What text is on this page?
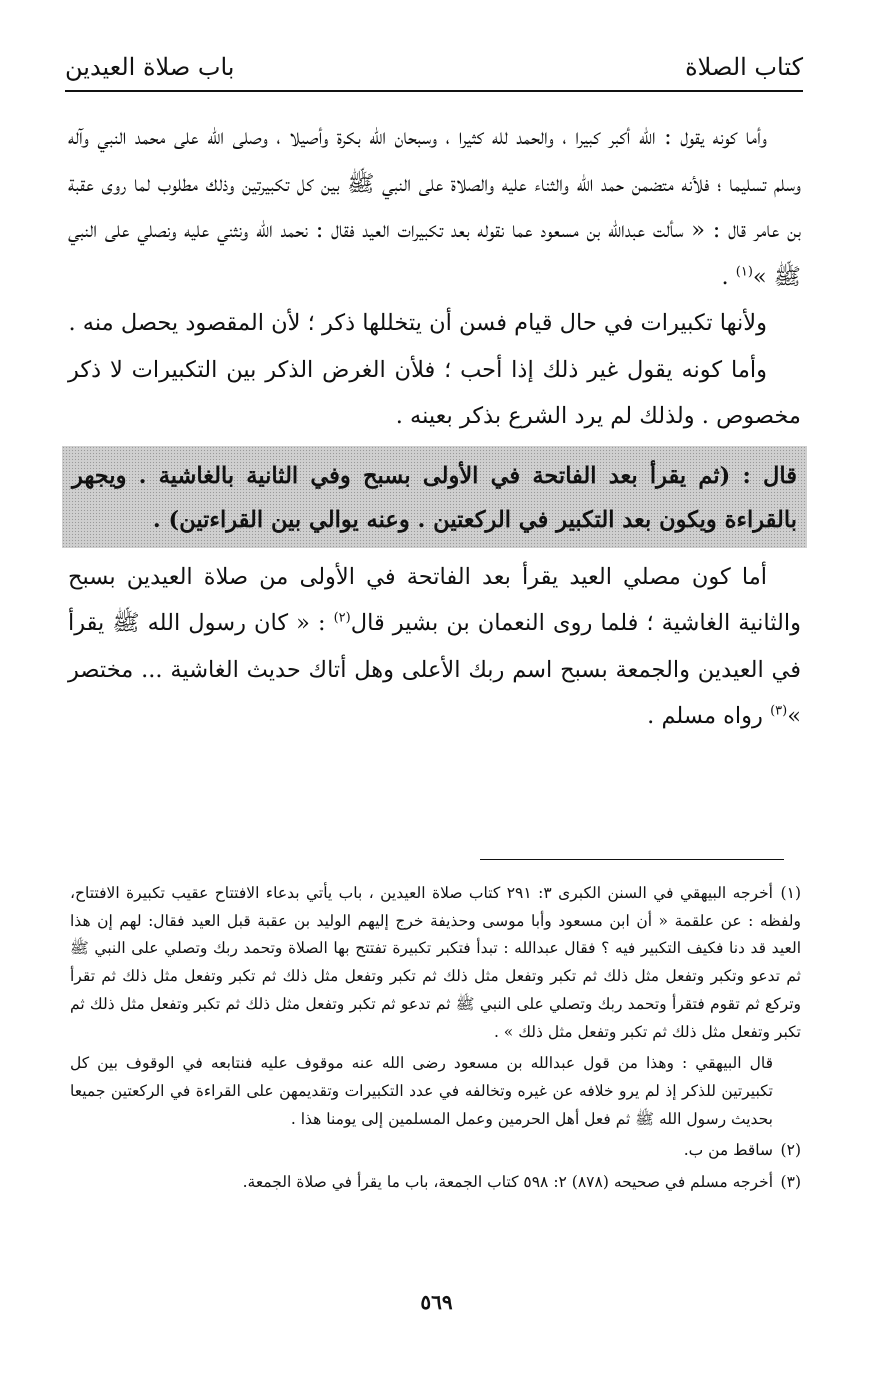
كتاب الصلاة
باب صلاة العيدين

وأما كونه يقول : الله أكبر كبيرا ، والحمد لله كثيرا ، وسبحان الله بكرة وأصيلا ، وصلى الله على محمد النبي وآله وسلم تسليما ؛ فلأنه متضمن حمد الله والثناء عليه والصلاة على النبي ﷺ بين كل تكبيرتين وذلك مطلوب لما روى عقبة بن عامر قال : « سألت عبدالله بن مسعود عما نقوله بعد تكبيرات العيد فقال : نحمد الله ونثني عليه ونصلي على النبي ﷺ »$^{(١)}$ .

ولأنها تكبيرات في حال قيام فسن أن يتخللها ذكر ؛ لأن المقصود يحصل منه .

وأما كونه يقول غير ذلك إذا أحب ؛ فلأن الغرض الذكر بين التكبيرات لا ذكر مخصوص . ولذلك لم يرد الشرع بذكر بعينه .

قال : (ثم يقرأ بعد الفاتحة في الأولى بسبح وفي الثانية بالغاشية . ويجهر بالقراءة ويكون بعد التكبير في الركعتين . وعنه يوالي بين القراءتين) .

أما كون مصلي العيد يقرأ بعد الفاتحة في الأولى من صلاة العيدين بسبح والثانية الغاشية ؛ فلما روى النعمان بن بشير قال$^{(٢)}$ : « كان رسول الله ﷺ يقرأ في العيدين والجمعة بسبح اسم ربك الأعلى وهل أتاك حديث الغاشية ... مختصر »$^{(٣)}$ رواه مسلم .

(١)أخرجه البيهقي في السنن الكبرى ٣: ٢٩١ كتاب صلاة العيدين ، باب يأتي بدعاء الافتتاح عقيب تكبيرة الافتتاح، ولفظه : عن علقمة « أن ابن مسعود وأبا موسى وحذيفة خرج إليهم الوليد بن عقبة قبل العيد فقال: لهم إن هذا العيد قد دنا فكيف التكبير فيه ؟ فقال عبدالله : تبدأ فتكبر تكبيرة تفتتح بها الصلاة وتحمد ربك وتصلي على النبي ﷺ ثم تدعو وتكبر وتفعل مثل ذلك ثم تكبر وتفعل مثل ذلك ثم تكبر وتفعل مثل ذلك ثم تكبر وتفعل مثل ذلك ثم تقرأ وتركع ثم تقوم فتقرأ وتحمد ربك وتصلي على النبي ﷺ ثم تدعو ثم تكبر وتفعل مثل ذلك ثم تكبر وتفعل مثل ذلك ثم تكبر وتفعل مثل ذلك ثم تكبر وتفعل مثل ذلك » .

قال البيهقي : وهذا من قول عبدالله بن مسعود رضى الله عنه موقوف عليه فنتابعه في الوقوف بين كل تكبيرتين للذكر إذ لم يرو خلافه عن غيره وتخالفه في عدد التكبيرات وتقديمهن على القراءة في الركعتين جميعا بحديث رسول الله ﷺ ثم فعل أهل الحرمين وعمل المسلمين إلى يومنا هذا .

(٢)ساقط من ب.

(٣)أخرجه مسلم في صحيحه (٨٧٨) ٢: ٥٩٨ كتاب الجمعة، باب ما يقرأ في صلاة الجمعة.

٥٦٩
